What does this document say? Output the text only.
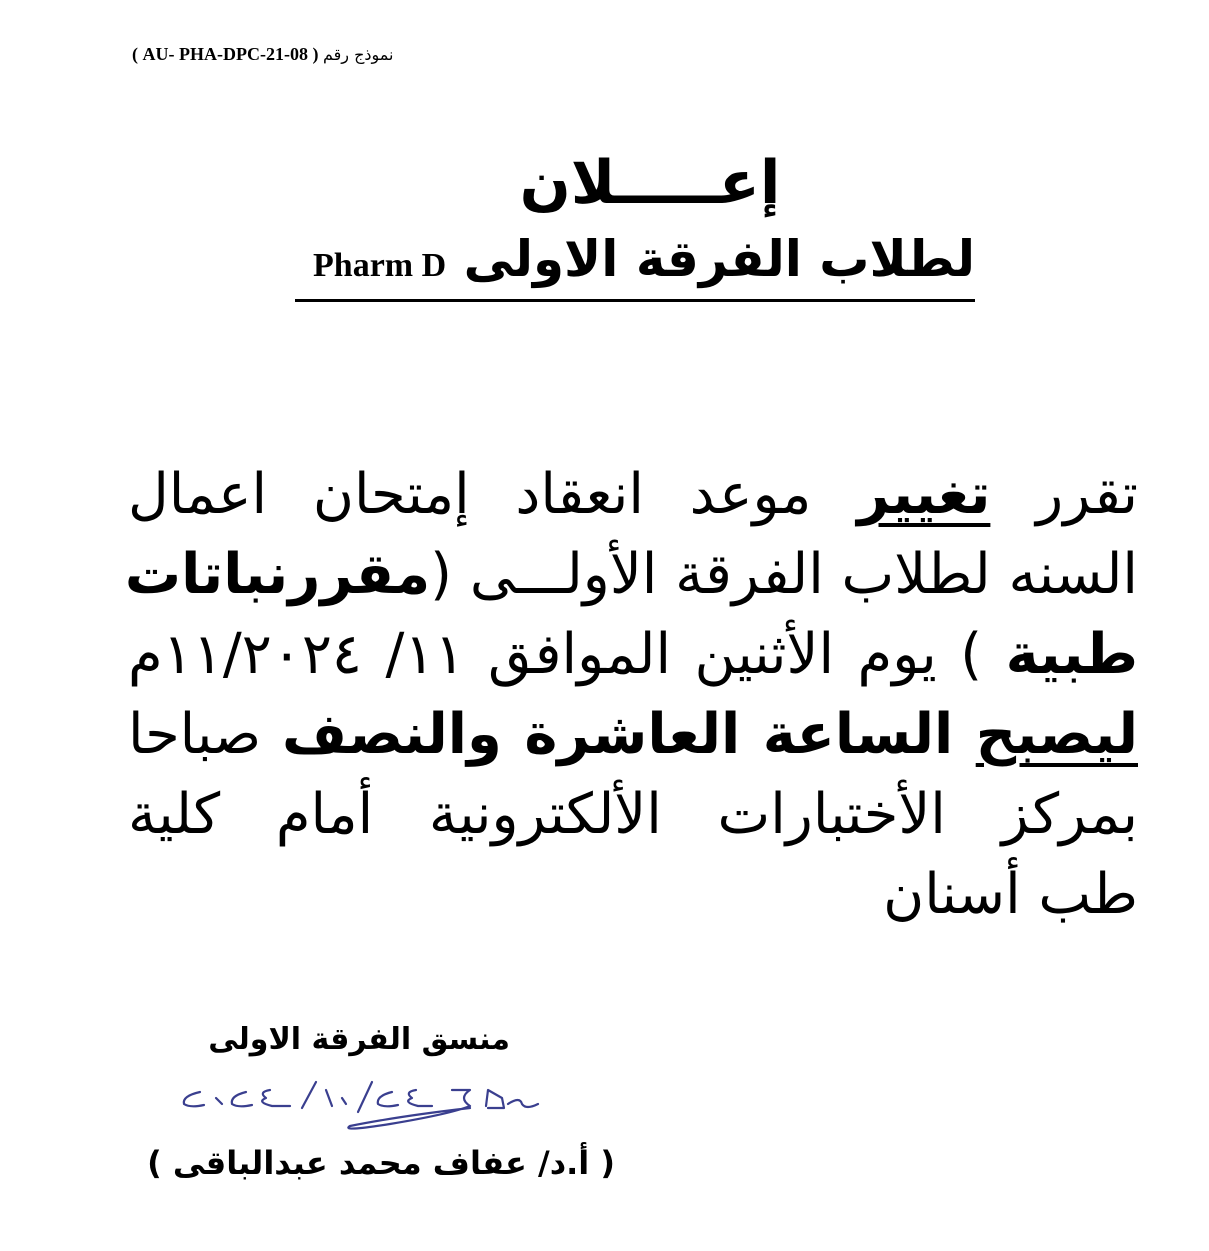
نموذج رقم ( AU- PHA-DPC-21-08 )
إعـــــلان
لطلاب الفرقة الاولى Pharm D
تقرر تغيير موعد انعقاد إمتحان اعمال
السنه لطلاب الفرقة الأولـــى (مقررنباتات
طبية ) يوم الأثنين الموافق ١١/ ١١/٢٠٢٤م
ليصبح الساعة العاشرة والنصف صباحا
بمركز الأختبارات الألكترونية أمام كلية
طب أسنان
منسق الفرقة الاولى
( أ.د/ عفاف محمد عبدالباقى )
